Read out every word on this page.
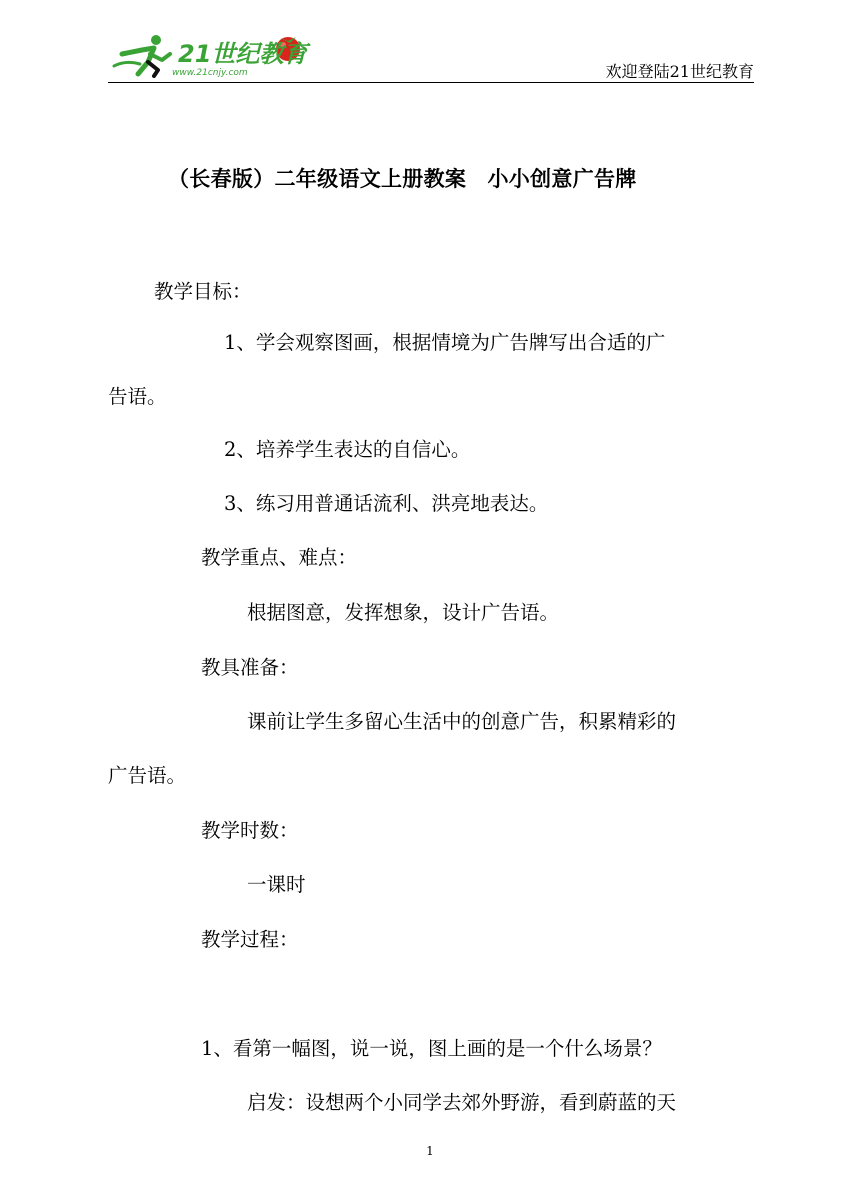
21世纪教育
www.21cnjy.com	欢迎登陆21世纪教育
（长春版）二年级语文上册教案　小小创意广告牌
教学目标：
1、学会观察图画，根据情境为广告牌写出合适的广
告语。
2、培养学生表达的自信心。
3、练习用普通话流利、洪亮地表达。
教学重点、难点：
根据图意，发挥想象，设计广告语。
教具准备：
课前让学生多留心生活中的创意广告，积累精彩的
广告语。
教学时数：
一课时
教学过程：
1、看第一幅图，说一说，图上画的是一个什么场景？
启发：设想两个小同学去郊外野游，看到蔚蓝的天
1
